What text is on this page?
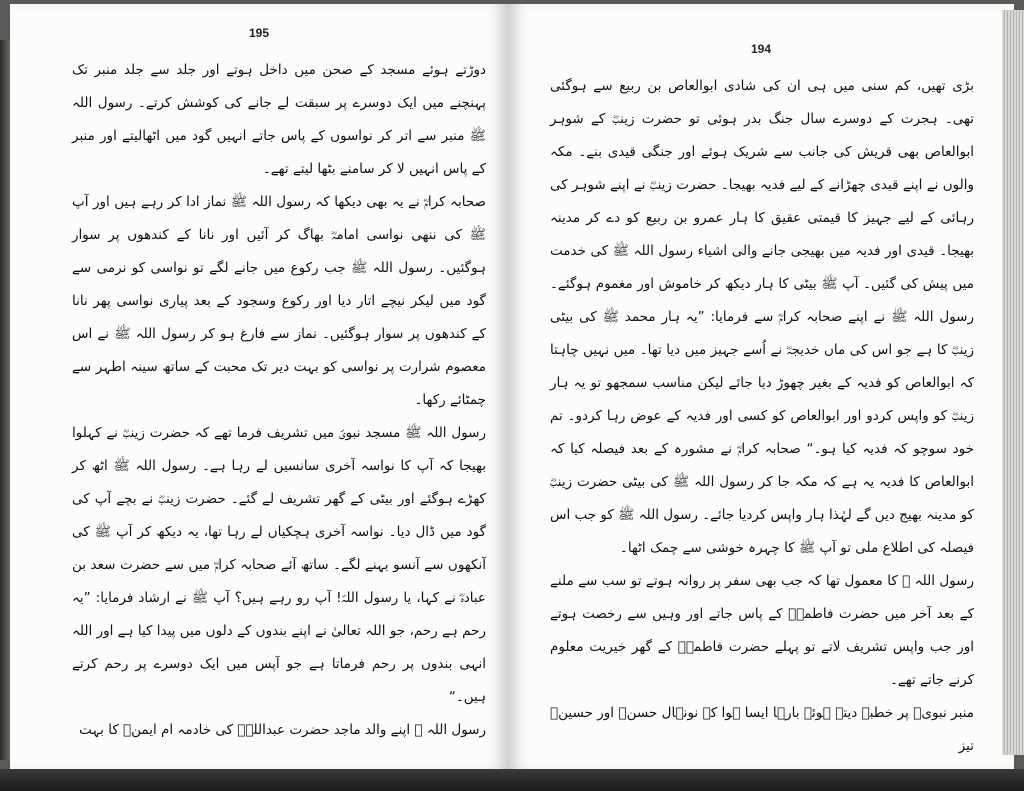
195

دوڑتے ہوئے مسجد کے صحن میں داخل ہوتے اور جلد سے جلد منبر تک پہنچنے میں ایک دوسرے پر سبقت لے جانے کی کوشش کرتے۔ رسول اللہ ﷺ منبر سے اتر کر نواسوں کے پاس جاتے انہیں گود میں اٹھالیتے اور منبر کے پاس انہیں لا کر سامنے بٹھا لیتے تھے۔

صحابہ کرامؓ نے یہ بھی دیکھا کہ رسول اللہ ﷺ نماز ادا کر رہے ہیں اور آپ ﷺ کی ننھی نواسی امامہؓ بھاگ کر آئیں اور نانا کے کندھوں پر سوار ہوگئیں۔ رسول اللہ ﷺ جب رکوع میں جانے لگے تو نواسی کو نرمی سے گود میں لیکر نیچے اتار دیا اور رکوع وسجود کے بعد پیاری نواسی پھر نانا کے کندھوں پر سوار ہوگئیں۔ نماز سے فارغ ہو کر رسول اللہ ﷺ نے اس معصوم شرارت پر نواسی کو بہت دیر تک محبت کے ساتھ سینہ اطہر سے چمٹائے رکھا۔

رسول اللہ ﷺ مسجد نبویؐ میں تشریف فرما تھے کہ حضرت زینبؓ نے کہلوا بھیجا کہ آپ کا نواسہ آخری سانسیں لے رہا ہے۔ رسول اللہ ﷺ اٹھ کر کھڑے ہوگئے اور بیٹی کے گھر تشریف لے گئے۔ حضرت زینبؓ نے بچے آپ کی گود میں ڈال دیا۔ نواسہ آخری ہچکیاں لے رہا تھا، یہ دیکھ کر آپ ﷺ کی آنکھوں سے آنسو بہنے لگے۔ ساتھ آئے صحابہ کرامؓ میں سے حضرت سعد بن عبادہؓ نے کہا، یا رسول اللہؐ! آپ رو رہے ہیں؟ آپ ﷺ نے ارشاد فرمایا: ”یہ رحم ہے رحم، جو اللہ تعالیٰ نے اپنے بندوں کے دلوں میں پیدا کیا ہے اور اللہ انہی بندوں پر رحم فرماتا ہے جو آپس میں ایک دوسرے پر رحم کرتے ہیں۔“

رسول اللہ ﷺ اپنے والد ماجد حضرت عبداللہؓ کی خادمہ ام ایمنؓ کا بہت

194

بڑی تھیں، کم سنی میں ہی ان کی شادی ابوالعاص بن ربیع سے ہوگئی تھی۔ ہجرت کے دوسرے سال جنگ بدر ہوئی تو حضرت زینبؓ کے شوہر ابوالعاص بھی قریش کی جانب سے شریک ہوئے اور جنگی قیدی بنے۔ مکہ والوں نے اپنے قیدی چھڑانے کے لیے فدیہ بھیجا۔ حضرت زینبؓ نے اپنے شوہر کی رہائی کے لیے جہیز کا قیمتی عقیق کا ہار عمرو بن ربیع کو دے کر مدینہ بھیجا۔ قیدی اور فدیہ میں بھیجی جانے والی اشیاء رسول اللہ ﷺ کی خدمت میں پیش کی گئیں۔ آپ ﷺ بیٹی کا ہار دیکھ کر خاموش اور مغموم ہوگئے۔ رسول اللہ ﷺ نے اپنے صحابہ کرامؓ سے فرمایا: ”یہ ہار محمد ﷺ کی بیٹی زینبؓ کا ہے جو اس کی ماں خدیجہؓ نے اُسے جہیز میں دیا تھا۔ میں نہیں چاہتا کہ ابوالعاص کو فدیہ کے بغیر چھوڑ دیا جائے لیکن مناسب سمجھو تو یہ ہار زینبؓ کو واپس کردو اور ابوالعاص کو کسی اور فدیہ کے عوض رہا کردو۔ تم خود سوچو کہ فدیہ کیا ہو۔“ صحابہ کرامؓ نے مشورہ کے بعد فیصلہ کیا کہ ابوالعاص کا فدیہ یہ ہے کہ مکہ جا کر رسول اللہ ﷺ کی بیٹی حضرت زینبؓ کو مدینہ بھیج دیں گے لہٰذا ہار واپس کردیا جائے۔ رسول اللہ ﷺ کو جب اس فیصلہ کی اطلاع ملی تو آپ ﷺ کا چہرہ خوشی سے چمک اٹھا۔

رسول اللہ ﷺ کا معمول تھا کہ جب بھی سفر پر روانہ ہوتے تو سب سے ملنے کے بعد آخر میں حضرت فاطمہؓ کے پاس جاتے اور وہیں سے رخصت ہوتے اور جب واپس تشریف لاتے تو پہلے حضرت فاطمہؓ کے گھر خیریت معلوم کرنے جاتے تھے۔

منبر نبویؐ پر خطبہ دیتے ہوئے بارہا ایسا ہوا کہ نونہال حسنؓ اور حسینؓ تیز
